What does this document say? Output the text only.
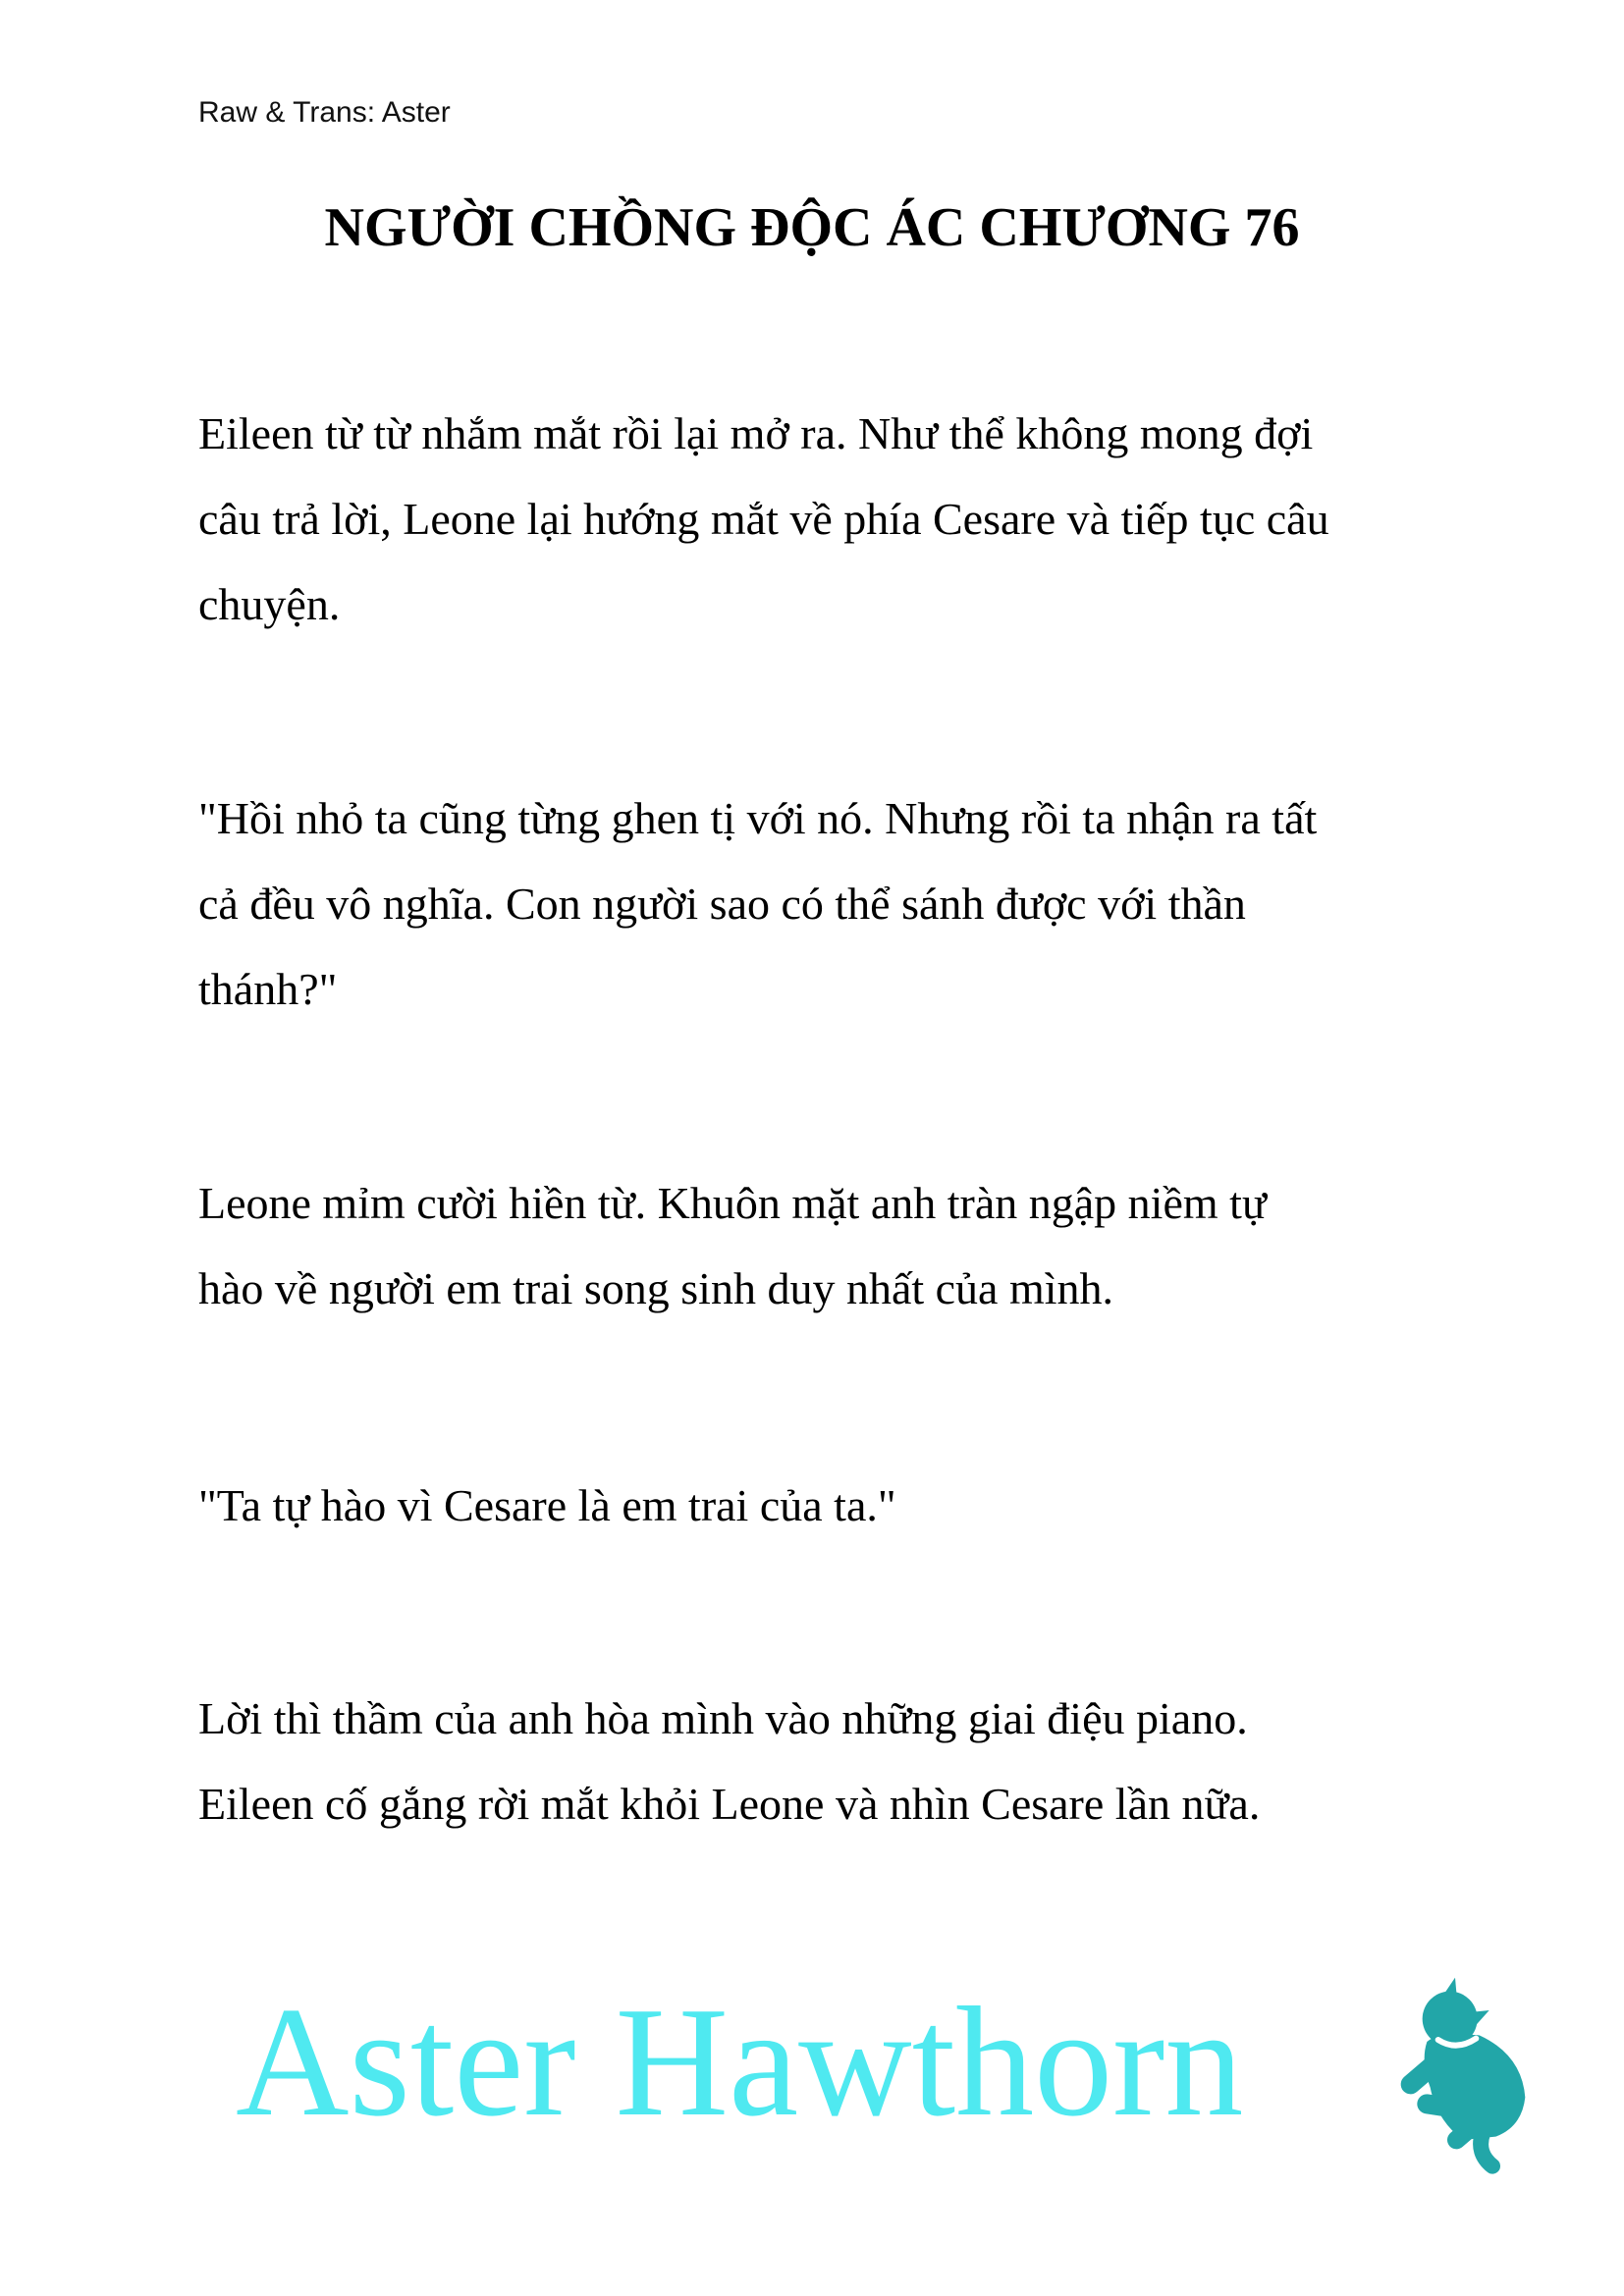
Raw & Trans: Aster
NGƯỜI CHỒNG ĐỘC ÁC CHƯƠNG 76
Eileen từ từ nhắm mắt rồi lại mở ra. Như thể không mong đợi
câu trả lời, Leone lại hướng mắt về phía Cesare và tiếp tục câu
chuyện.
"Hồi nhỏ ta cũng từng ghen tị với nó. Nhưng rồi ta nhận ra tất
cả đều vô nghĩa. Con người sao có thể sánh được với thần
thánh?"
Leone mỉm cười hiền từ. Khuôn mặt anh tràn ngập niềm tự
hào về người em trai song sinh duy nhất của mình.
"Ta tự hào vì Cesare là em trai của ta."
Lời thì thầm của anh hòa mình vào những giai điệu piano.
Eileen cố gắng rời mắt khỏi Leone và nhìn Cesare lần nữa.
Aster Hawthorn
